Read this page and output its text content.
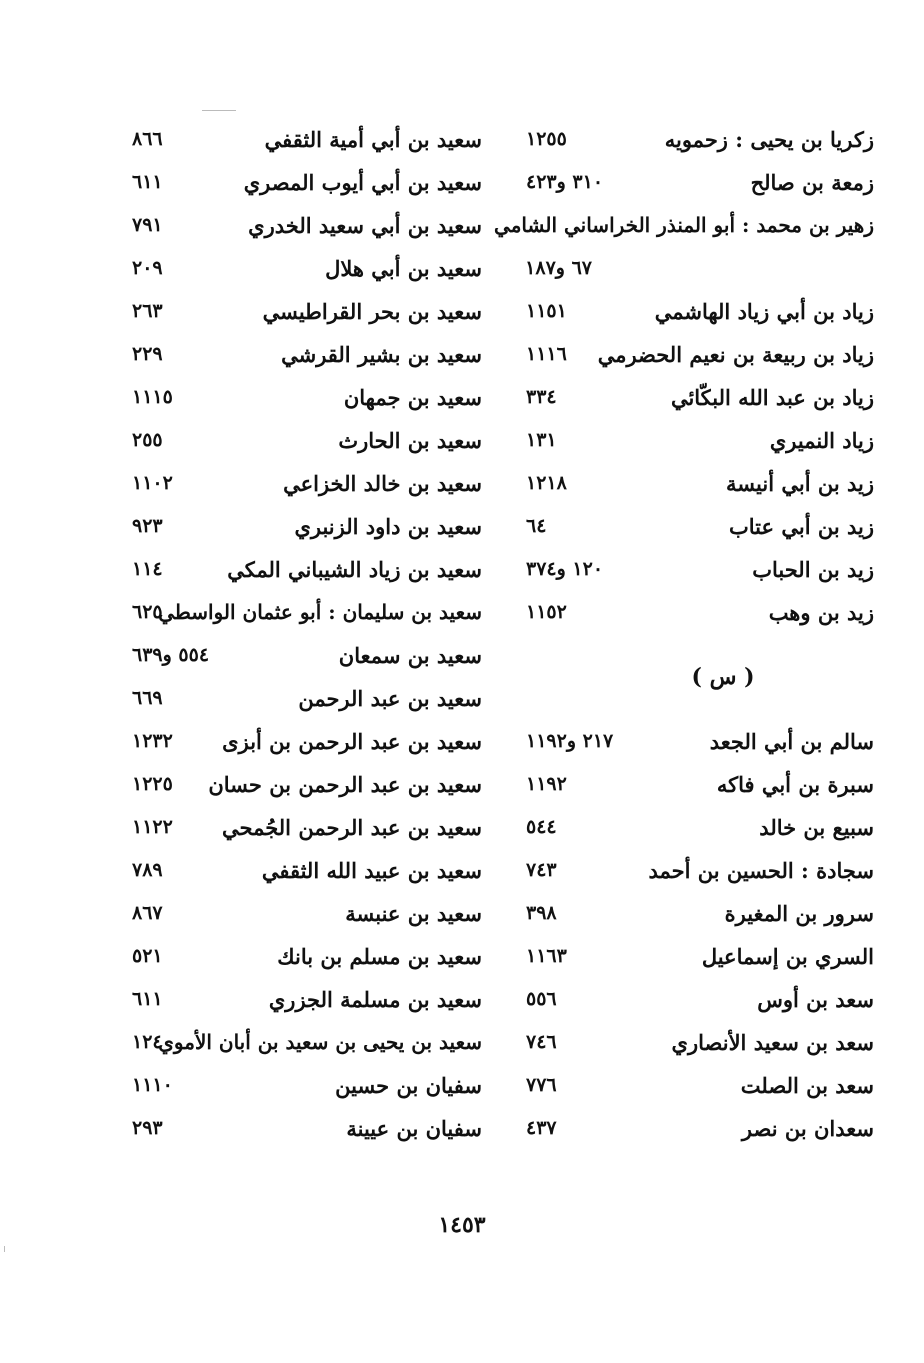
زكريا بن يحيى : زحمويه
١٢٥٥
زمعة بن صالح
٣١٠ و٤٢٣
زهير بن محمد : أبو المنذر الخراساني الشامي
٦٧ و١٨٧
زياد بن أبي زياد الهاشمي
١١٥١
زياد بن ربيعة بن نعيم الحضرمي
١١١٦
زياد بن عبد الله البكّائي
٣٣٤
زياد النميري
١٣١
زيد بن أبي أنيسة
١٢١٨
زيد بن أبي عتاب
٦٤
زيد بن الحباب
١٢٠ و٣٧٤
زيد بن وهب
١١٥٢
( س )
سالم بن أبي الجعد
٢١٧ و١١٩٢
سبرة بن أبي فاكه
١١٩٢
سبيع بن خالد
٥٤٤
سجادة : الحسين بن أحمد
٧٤٣
سرور بن المغيرة
٣٩٨
السري بن إسماعيل
١١٦٣
سعد بن أوس
٥٥٦
سعد بن سعيد الأنصاري
٧٤٦
سعد بن الصلت
٧٧٦
سعدان بن نصر
٤٣٧
سعيد بن أبي أمية الثقفي
٨٦٦
سعيد بن أبي أيوب المصري
٦١١
سعيد بن أبي سعيد الخدري
٧٩١
سعيد بن أبي هلال
٢٠٩
سعيد بن بحر القراطيسي
٢٦٣
سعيد بن بشير القرشي
٢٢٩
سعيد بن جمهان
١١١٥
سعيد بن الحارث
٢٥٥
سعيد بن خالد الخزاعي
١١٠٢
سعيد بن داود الزنبري
٩٢٣
سعيد بن زياد الشيباني المكي
١١٤
سعيد بن سليمان : أبو عثمان الواسطي
٦٢٥
سعيد بن سمعان
٥٥٤ و٦٣٩
سعيد بن عبد الرحمن
٦٦٩
سعيد بن عبد الرحمن بن أبزى
١٢٣٢
سعيد بن عبد الرحمن بن حسان
١٢٢٥
سعيد بن عبد الرحمن الجُمحي
١١٢٢
سعيد بن عبيد الله الثقفي
٧٨٩
سعيد بن عنبسة
٨٦٧
سعيد بن مسلم بن بانك
٥٢١
سعيد بن مسلمة الجزري
٦١١
سعيد بن يحيى بن سعيد بن أبان الأموي
١٢٤
سفيان بن حسين
١١١٠
سفيان بن عيينة
٢٩٣
١٤٥٣
